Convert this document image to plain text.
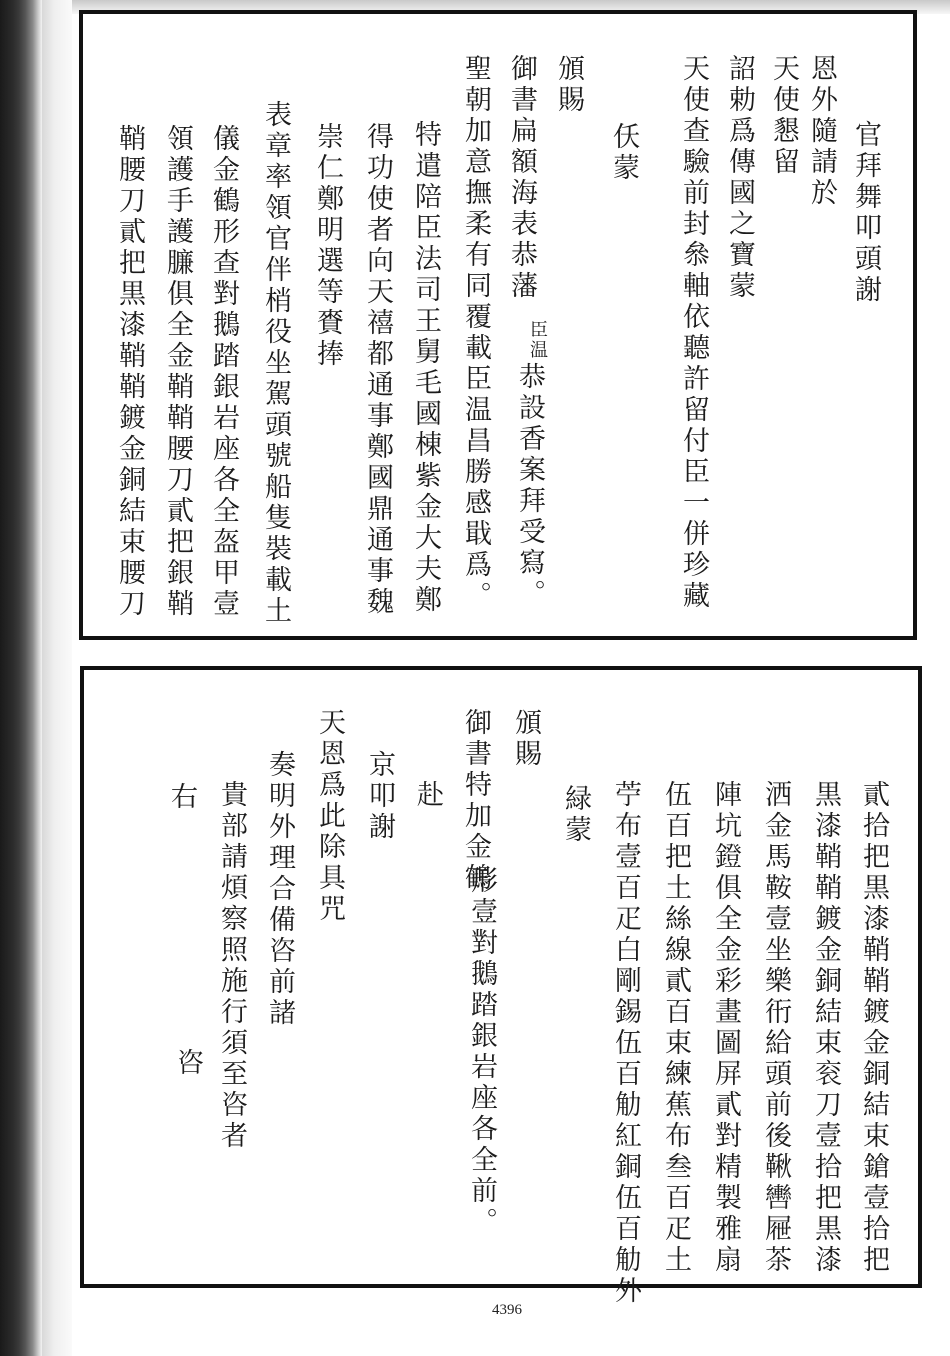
官拜舞叩頭謝
恩外隨請於
天使懇留
詔勅爲傳國之寶蒙
天使查驗前封叅軸依聽許留付臣一併珍藏
仸蒙
頒賜
御書扁額海表恭藩
臣温
恭設香案拜受寫。
聖朝加意撫柔有同覆載臣温昌勝感戢爲。
特遣陪臣法司王舅毛國棟紫金大夫鄭
得功使者向天禧都通事鄭國鼎通事魏
崇仁鄭明選等賚捧
表章率領官伴梢役坐駕頭號船隻裝載土
儀金鶴形查對鵝踏銀岩座各全盔甲壹
領護手護臁俱全金鞘鞘腰刀貳把銀鞘
鞘腰刀貳把黒漆鞘鞘鍍金銅結束腰刀
貳拾把黒漆鞘鞘鍍金銅結束鎗壹拾把
黒漆鞘鞘鍍金銅結束衮刀壹拾把黒漆
洒金馬鞍壹坐樂衎給頭前後鞦轡屜茶
陣坑鐙俱全金彩畫圖屏貳對精製雅扇
伍百把土絲線貳百束練蕉布叁百疋土
苧布壹百疋白剛錫伍百觔紅銅伍百觔外
緑蒙
頒賜
御書特加金鶴
形壹對鵝踏銀岩座各全前。
赴
京叩謝
天恩爲此除具咒
奏明外理合備咨前諸
貴部請煩察照施行須至咨者
右
咨
4396
